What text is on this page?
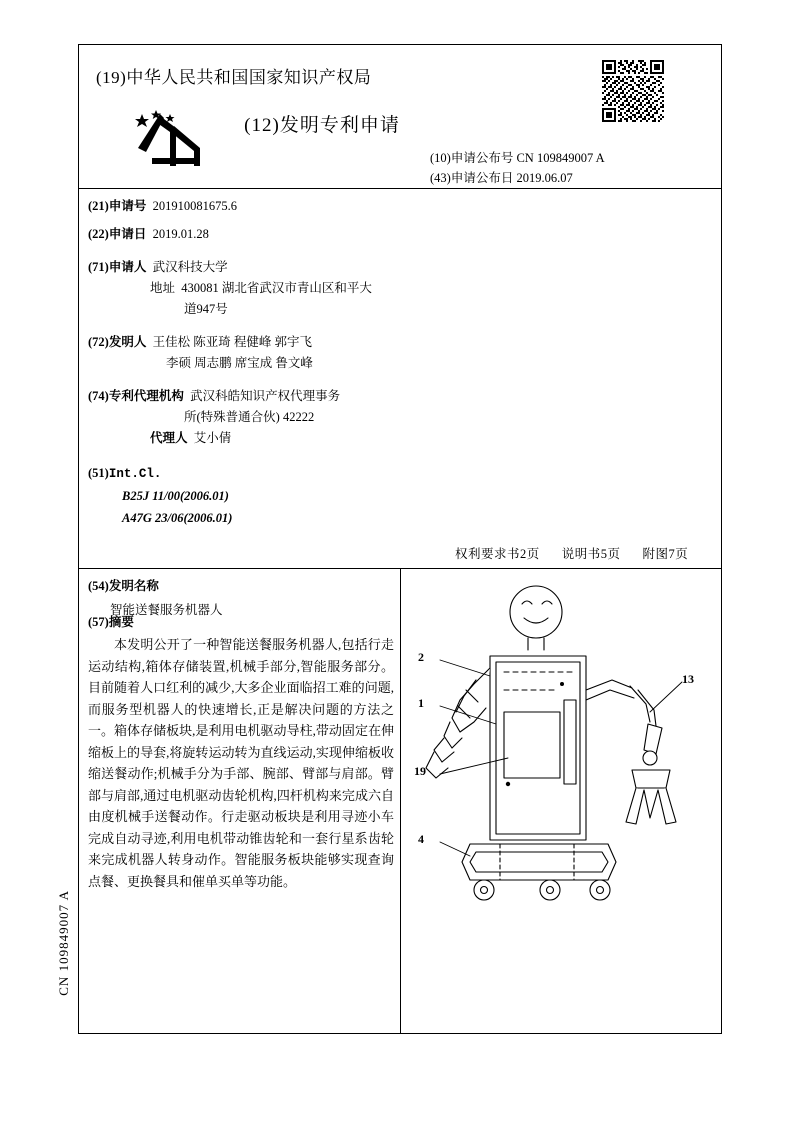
(19)中华人民共和国国家知识产权局
(12)发明专利申请
(10)申请公布号 CN 109849007 A
(43)申请公布日 2019.06.07
(21)申请号 201910081675.6
(22)申请日 2019.01.28
(71)申请人 武汉科技大学
地址 430081 湖北省武汉市青山区和平大
道947号
(72)发明人 王佳松 陈亚琦 程健峰 郭宇飞
李硕 周志鹏 席宝成 鲁文峰
(74)专利代理机构 武汉科皓知识产权代理事务
所(特殊普通合伙) 42222
代理人 艾小倩
(51)Int.Cl.
B25J 11/00(2006.01)
A47G 23/06(2006.01)
权利要求书2页 说明书5页 附图7页
(54)发明名称
智能送餐服务机器人
(57)摘要
本发明公开了一种智能送餐服务机器人,包括行走运动结构,箱体存储装置,机械手部分,智能服务部分。目前随着人口红利的减少,大多企业面临招工难的问题,而服务型机器人的快速增长,正是解决问题的方法之一。箱体存储板块,是利用电机驱动导柱,带动固定在伸缩板上的导套,将旋转运动转为直线运动,实现伸缩板收缩送餐动作;机械手分为手部、腕部、臂部与肩部。臂部与肩部,通过电机驱动齿轮机构,四杆机构来完成六自由度机械手送餐动作。行走驱动板块是利用寻迹小车完成自动寻迹,利用电机带动锥齿轮和一套行星系齿轮来完成机器人转身动作。智能服务板块能够实现查询点餐、更换餐具和催单买单等功能。
CN 109849007 A
2
1
19
4
13
